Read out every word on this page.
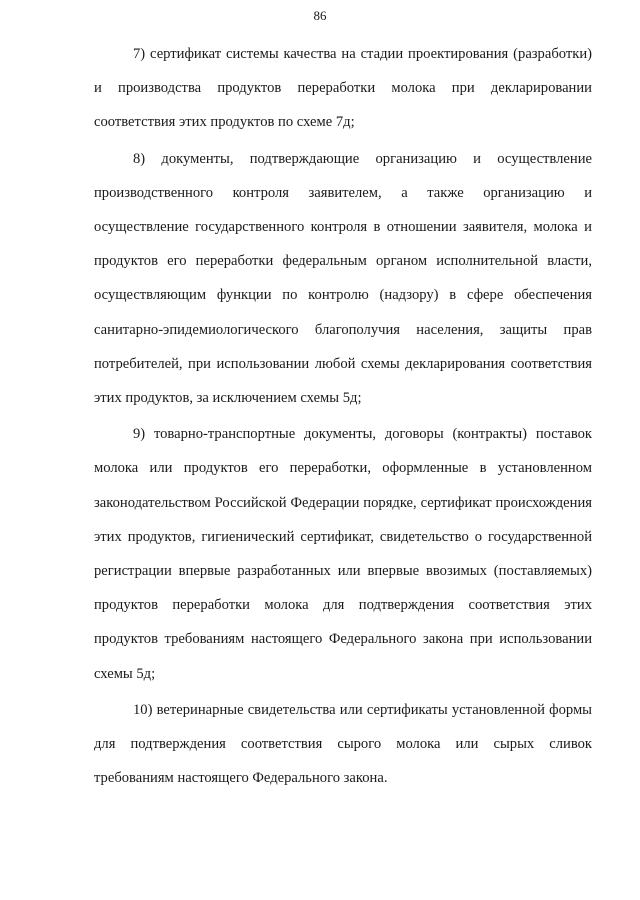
86

7) сертификат системы качества на стадии проектирования (разработки) и производства продуктов переработки молока при декларировании соответствия этих продуктов по схеме 7д;

8) документы, подтверждающие организацию и осуществление производственного контроля заявителем, а также организацию и осуществление государственного контроля в отношении заявителя, молока и продуктов его переработки федеральным органом исполнительной власти, осуществляющим функции по контролю (надзору) в сфере обеспечения санитарно-эпидемиологического благополучия населения, защиты прав потребителей, при использовании любой схемы декларирования соответствия этих продуктов, за исключением схемы 5д;

9) товарно-транспортные документы, договоры (контракты) поставок молока или продуктов его переработки, оформленные в установленном законодательством Российской Федерации порядке, сертификат происхождения этих продуктов, гигиенический сертификат, свидетельство о государственной регистрации впервые разработанных или впервые ввозимых (поставляемых) продуктов переработки молока для подтверждения соответствия этих продуктов требованиям настоящего Федерального закона при использовании схемы 5д;

10) ветеринарные свидетельства или сертификаты установленной формы для подтверждения соответствия сырого молока или сырых сливок требованиям настоящего Федерального закона.
